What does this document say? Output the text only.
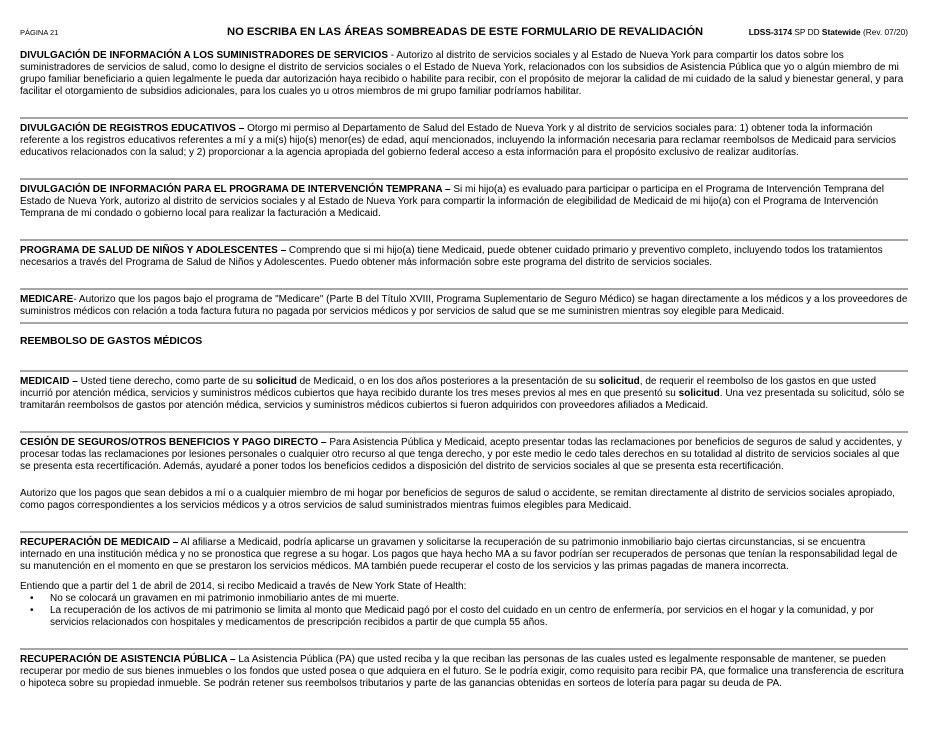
PÁGINA 21	NO ESCRIBA EN LAS ÁREAS SOMBREADAS DE ESTE FORMULARIO DE REVALIDACIÓN	LDSS-3174 SP DD Statewide (Rev. 07/20)

DIVULGACIÓN DE INFORMACIÓN A LOS SUMINISTRADORES DE SERVICIOS - Autorizo al distrito de servicios sociales y al Estado de Nueva York para compartir los datos sobre los suministradores de servicios de salud, como lo designe el distrito de servicios sociales o el Estado de Nueva York, relacionados con los subsidios de Asistencia Pública que yo o algún miembro de mi grupo familiar beneficiario a quien legalmente le pueda dar autorización haya recibido o habilite para recibir, con el propósito de mejorar la calidad de mi cuidado de la salud y bienestar general, y para facilitar el otorgamiento de subsidios adicionales, para los cuales yo u otros miembros de mi grupo familiar podríamos habilitar.

DIVULGACIÓN DE REGISTROS EDUCATIVOS – Otorgo mi permiso al Departamento de Salud del Estado de Nueva York y al distrito de servicios sociales para: 1) obtener toda la información referente a los registros educativos referentes a mí y a mi(s) hijo(s) menor(es) de edad, aquí mencionados, incluyendo la información necesaria para reclamar reembolsos de Medicaid para servicios educativos relacionados con la salud; y 2) proporcionar a la agencia apropiada del gobierno federal acceso a esta información para el propósito exclusivo de realizar auditorías.

DIVULGACIÓN DE INFORMACIÓN PARA EL PROGRAMA DE INTERVENCIÓN TEMPRANA – Si mi hijo(a) es evaluado para participar o participa en el Programa de Intervención Temprana del Estado de Nueva York, autorizo al distrito de servicios sociales y al Estado de Nueva York para compartir la información de elegibilidad de Medicaid de mi hijo(a) con el Programa de Intervención Temprana de mi condado o gobierno local para realizar la facturación a Medicaid.

PROGRAMA DE SALUD DE NIÑOS Y ADOLESCENTES – Comprendo que si mi hijo(a) tiene Medicaid, puede obtener cuidado primario y preventivo completo, incluyendo todos los tratamientos necesarios a través del Programa de Salud de Niños y Adolescentes. Puedo obtener más información sobre este programa del distrito de servicios sociales.

MEDICARE- Autorizo que los pagos bajo el programa de "Medicare" (Parte B del Título XVIII, Programa Suplementario de Seguro Médico) se hagan directamente a los médicos y a los proveedores de suministros médicos con relación a toda factura futura no pagada por servicios médicos y por servicios de salud que se me suministren mientras soy elegible para Medicaid.

REEMBOLSO DE GASTOS MÉDICOS

MEDICAID – Usted tiene derecho, como parte de su solicitud de Medicaid, o en los dos años posteriores a la presentación de su solicitud, de requerir el reembolso de los gastos en que usted incurrió por atención médica, servicios y suministros médicos cubiertos que haya recibido durante los tres meses previos al mes en que presentó su solicitud. Una vez presentada su solicitud, sólo se tramitarán reembolsos de gastos por atención médica, servicios y suministros médicos cubiertos si fueron adquiridos con proveedores afiliados a Medicaid.

CESIÓN DE SEGUROS/OTROS BENEFICIOS Y PAGO DIRECTO – Para Asistencia Pública y Medicaid, acepto presentar todas las reclamaciones por beneficios de seguros de salud y accidentes, y procesar todas las reclamaciones por lesiones personales o cualquier otro recurso al que tenga derecho, y por este medio le cedo tales derechos en su totalidad al distrito de servicios sociales al que se presenta esta recertificación. Además, ayudaré a poner todos los beneficios cedidos a disposición del distrito de servicios sociales al que se presenta esta recertificación.

Autorizo que los pagos que sean debidos a mí o a cualquier miembro de mi hogar por beneficios de seguros de salud o accidente, se remitan directamente al distrito de servicios sociales apropiado, como pagos correspondientes a los servicios médicos y a otros servicios de salud suministrados mientras fuimos elegibles para Medicaid.

RECUPERACIÓN DE MEDICAID – Al afiliarse a Medicaid, podría aplicarse un gravamen y solicitarse la recuperación de su patrimonio inmobiliario bajo ciertas circunstancias, si se encuentra internado en una institución médica y no se pronostica que regrese a su hogar. Los pagos que haya hecho MA a su favor podrían ser recuperados de personas que tenían la responsabilidad legal de su manutención en el momento en que se prestaron los servicios médicos. MA también puede recuperar el costo de los servicios y las primas pagadas de manera incorrecta.

Entiendo que a partir del 1 de abril de 2014, si recibo Medicaid a través de New York State of Health:

• No se colocará un gravamen en mi patrimonio inmobiliario antes de mi muerte.
• La recuperación de los activos de mi patrimonio se limita al monto que Medicaid pagó por el costo del cuidado en un centro de enfermería, por servicios en el hogar y la comunidad, y por servicios relacionados con hospitales y medicamentos de prescripción recibidos a partir de que cumpla 55 años.

RECUPERACIÓN DE ASISTENCIA PÚBLICA – La Asistencia Pública (PA) que usted reciba y la que reciban las personas de las cuales usted es legalmente responsable de mantener, se pueden recuperar por medio de sus bienes inmuebles o los fondos que usted posea o que adquiera en el futuro. Se le podría exigir, como requisito para recibir PA, que formalice una transferencia de escritura o hipoteca sobre su propiedad inmueble. Se podrán retener sus reembolsos tributarios y parte de las ganancias obtenidas en sorteos de lotería para pagar su deuda de PA.
